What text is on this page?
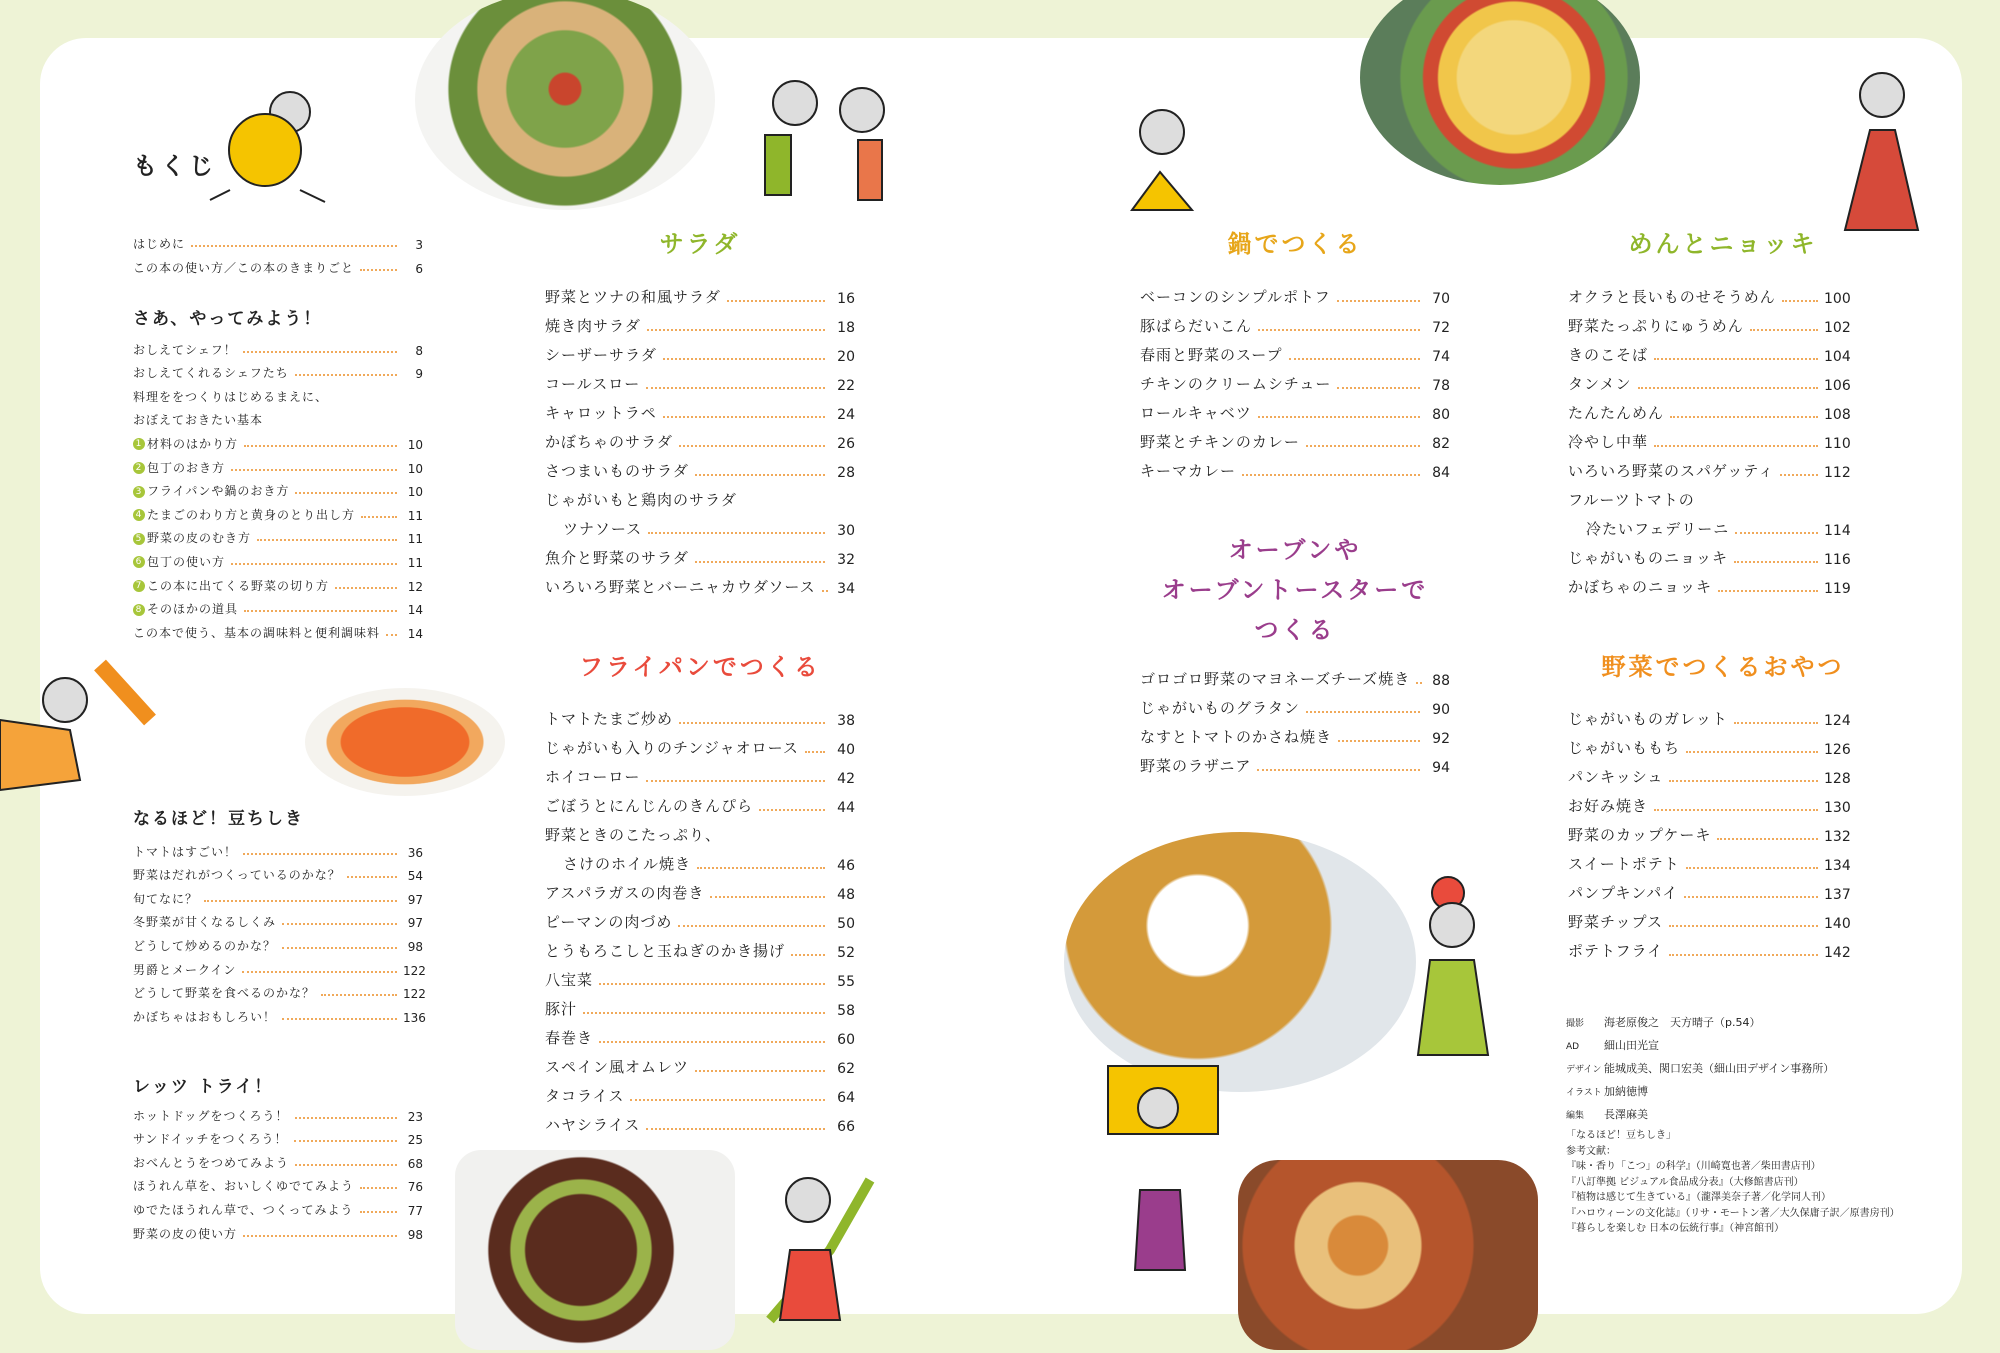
もくじ
はじめに	3
この本の使い方／この本のきまりごと	6
さあ、やってみよう！
おしえてシェフ！	8
おしえてくれるシェフたち	9
料理ををつくりはじめるまえに、
おぼえておきたい基本
1 材料のはかり方	10
2 包丁のおき方	10
3 フライパンや鍋のおき方	10
4 たまごのわり方と黄身のとり出し方	11
5 野菜の皮のむき方	11
6 包丁の使い方	11
7 この本に出てくる野菜の切り方	12
8 そのほかの道具	14
この本で使う、基本の調味料と便利調味料	14
なるほど！豆ちしき
トマトはすごい！	36
野菜はだれがつくっているのかな？	54
旬てなに？	97
冬野菜が甘くなるしくみ	97
どうして炒めるのかな？	98
男爵とメークイン	122
どうして野菜を食べるのかな？	122
かぼちゃはおもしろい！	136
レッツ トライ！
ホットドッグをつくろう！	23
サンドイッチをつくろう！	25
おべんとうをつめてみよう	68
ほうれん草を、おいしくゆでてみよう	76
ゆでたほうれん草で、つくってみよう	77
野菜の皮の使い方	98
サラダ
野菜とツナの和風サラダ	16
焼き肉サラダ	18
シーザーサラダ	20
コールスロー	22
キャロットラペ	24
かぼちゃのサラダ	26
さつまいものサラダ	28
じゃがいもと鶏肉のサラダ
ツナソース	30
魚介と野菜のサラダ	32
いろいろ野菜とバーニャカウダソース 34
フライパンでつくる
トマトたまご炒め	38
じゃがいも入りのチンジャオロース	40
ホイコーロー	42
ごぼうとにんじんのきんぴら	44
野菜ときのこたっぷり、
さけのホイル焼き	46
アスパラガスの肉巻き	48
ピーマンの肉づめ	50
とうもろこしと玉ねぎのかき揚げ	52
八宝菜	55
豚汁	58
春巻き	60
スペイン風オムレツ	62
タコライス	64
ハヤシライス	66
鍋でつくる
ベーコンのシンプルポトフ	70
豚ばらだいこん	72
春雨と野菜のスープ	74
チキンのクリームシチュー	78
ロールキャベツ	80
野菜とチキンのカレー	82
キーマカレー	84
オーブンや
オーブントースターで
つくる
ゴロゴロ野菜のマヨネーズチーズ焼き 88
じゃがいものグラタン	90
なすとトマトのかさね焼き	92
野菜のラザニア	94
めんとニョッキ
オクラと長いものせそうめん	100
野菜たっぷりにゅうめん	102
きのこそば	104
タンメン	106
たんたんめん	108
冷やし中華	110
いろいろ野菜のスパゲッティ	112
フルーツトマトの
冷たいフェデリーニ	114
じゃがいものニョッキ	116
かぼちゃのニョッキ	119
野菜でつくるおやつ
じゃがいものガレット	124
じゃがいももち	126
パンキッシュ	128
お好み焼き	130
野菜のカップケーキ	132
スイートポテト	134
パンプキンパイ	137
野菜チップス	140
ポテトフライ	142
撮影 海老原俊之　天方晴子（p.54）
AD 細山田光宣
デザイン 能城成美、関口宏美（細山田デザイン事務所）
イラスト 加納徳博
編集 長澤麻美
「なるほど！豆ちしき」
参考文献：
『味・香り「こつ」の科学』（川崎寛也著／柴田書店刊）
『八訂準拠 ビジュアル食品成分表』（大修館書店刊）
『植物は感じて生きている』（瀧澤美奈子著／化学同人刊）
『ハロウィーンの文化誌』（リサ・モートン著／大久保庸子訳／原書房刊）
『暮らしを楽しむ 日本の伝統行事』（神宮館刊）
